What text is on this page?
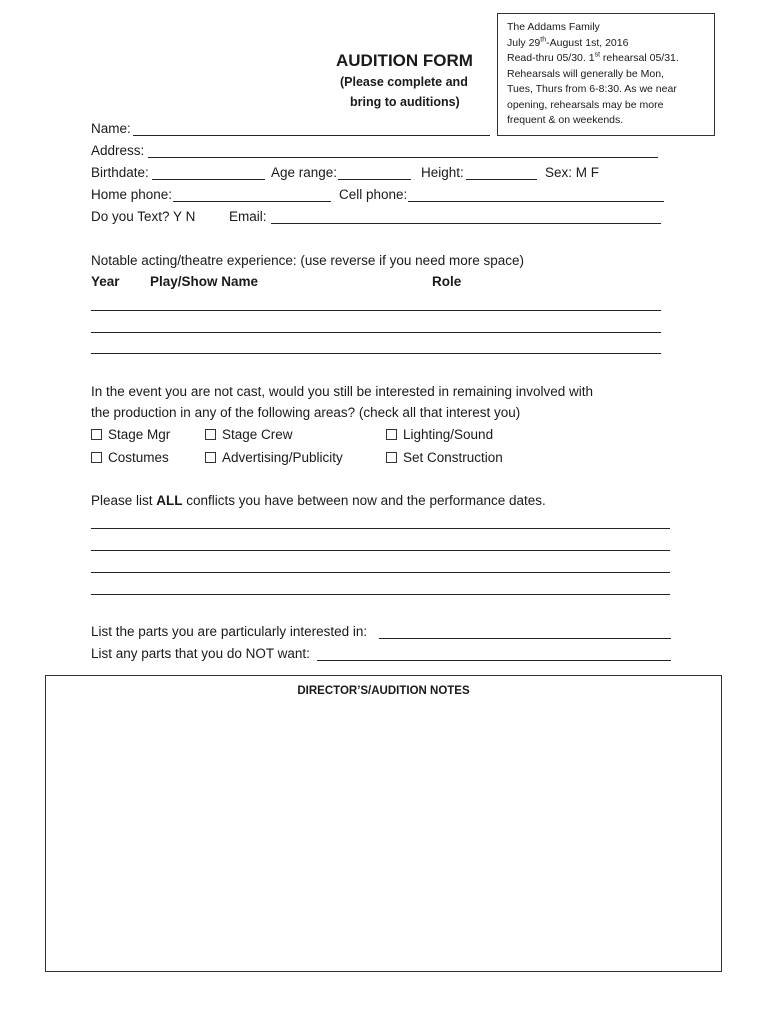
The Addams Family
July 29th-August 1st, 2016
Read-thru 05/30. 1st rehearsal 05/31.
Rehearsals will generally be Mon,
Tues, Thurs from 6-8:30. As we near
opening, rehearsals may be more
frequent & on weekends.
AUDITION FORM
(Please complete and
bring to auditions)
Name:
Address:
Birthdate:	Age range:	Height:	Sex: M F
Home phone:	Cell phone:
Do you Text? Y N Email:
Notable acting/theatre experience: (use reverse if you need more space)
Year Play/Show Name	Role
In the event you are not cast, would you still be interested in remaining involved with
the production in any of the following areas? (check all that interest you)
Stage Mgr	Stage Crew	Lighting/Sound
Costumes	Advertising/Publicity	Set Construction
Please list ALL conflicts you have between now and the performance dates.
List the parts you are particularly interested in:
List any parts that you do NOT want:
DIRECTOR’S/AUDITION NOTES
